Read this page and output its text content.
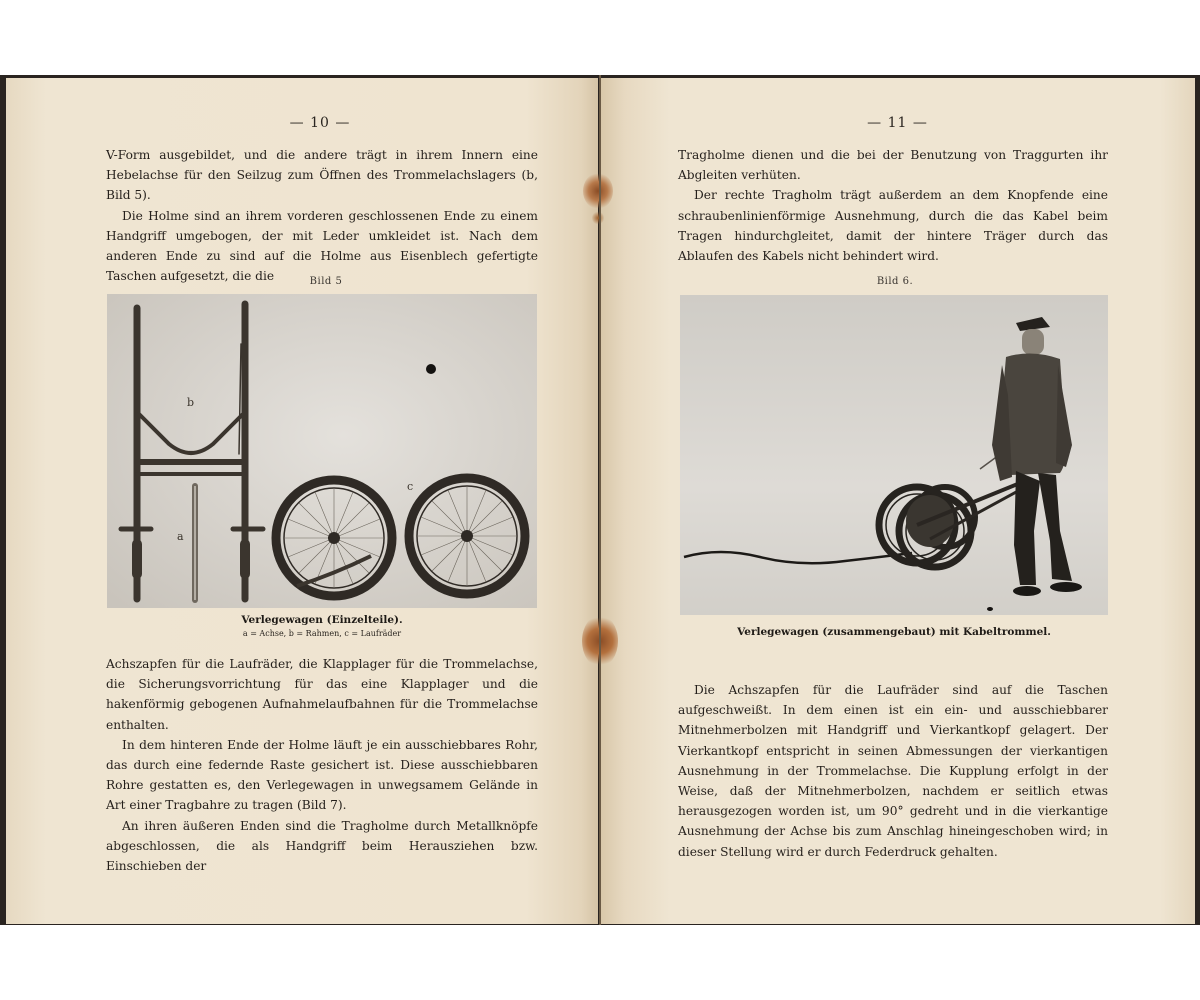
— 10 —

V-Form ausgebildet, und die andere trägt in ihrem Innern eine Hebelachse für den Seilzug zum Öffnen des Trommelachslagers (b, Bild 5).

Die Holme sind an ihrem vorderen geschlossenen Ende zu einem Handgriff umgebogen, der mit Leder umkleidet ist. Nach dem anderen Ende zu sind auf die Holme aus Eisenblech gefertigte Taschen aufgesetzt, die die	Bild 5
b
a
c
Verlegewagen (Einzelteile).
a = Achse, b = Rahmen, c = Laufräder

Achszapfen für die Laufräder, die Klapplager für die Trommelachse, die Sicherungsvorrichtung für das eine Klapplager und die hakenförmig gebogenen Aufnahmelaufbahnen für die Trommelachse enthalten.

In dem hinteren Ende der Holme läuft je ein ausschiebbares Rohr, das durch eine federnde Raste gesichert ist. Diese ausschiebbaren Rohre gestatten es, den Verlegewagen in unwegsamem Gelände in Art einer Tragbahre zu tragen (Bild 7).

An ihren äußeren Enden sind die Tragholme durch Metallknöpfe abgeschlossen, die als Handgriff beim Herausziehen bzw. Einschieben der

— 11 —

Tragholme dienen und die bei der Benutzung von Traggurten ihr Abgleiten verhüten.

Der rechte Tragholm trägt außerdem an dem Knopfende eine schraubenlinienförmige Ausnehmung, durch die das Kabel beim Tragen hindurchgleitet, damit der hintere Träger durch das Ablaufen des Kabels nicht behindert wird.

Bild 6.
Verlegewagen (zusammengebaut) mit Kabeltrommel.

Die Achszapfen für die Laufräder sind auf die Taschen aufgeschweißt. In dem einen ist ein ein- und ausschiebbarer Mitnehmerbolzen mit Handgriff und Vierkantkopf gelagert. Der Vierkantkopf entspricht in seinen Abmessungen der vierkantigen Ausnehmung in der Trommelachse. Die Kupplung erfolgt in der Weise, daß der Mitnehmerbolzen, nachdem er seitlich etwas herausgezogen worden ist, um 90° gedreht und in die vierkantige Ausnehmung der Achse bis zum Anschlag hineingeschoben wird; in dieser Stellung wird er durch Federdruck gehalten.
